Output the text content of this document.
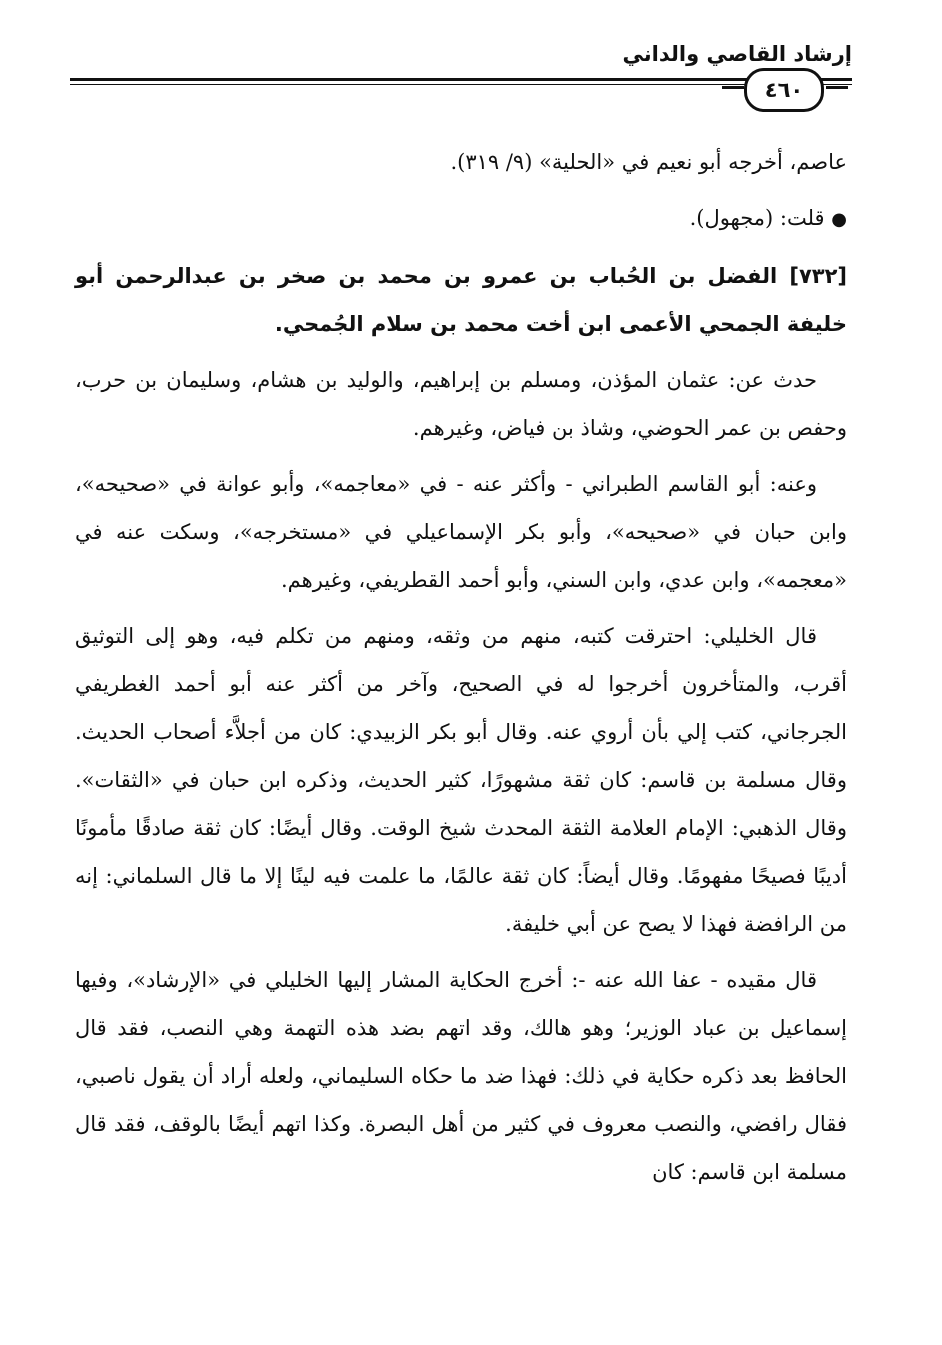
إرشاد القاصي والداني
٤٦٠

عاصم، أخرجه أبو نعيم في «الحلية» (٩/ ٣١٩).

● قلت: (مجهول).

[٧٣٢] الفضل بن الحُباب بن عمرو بن محمد بن صخر بن عبدالرحمن أبو خليفة الجمحي الأعمى ابن أخت محمد بن سلام الجُمحي.

حدث عن: عثمان المؤذن، ومسلم بن إبراهيم، والوليد بن هشام، وسليمان بن حرب، وحفص بن عمر الحوضي، وشاذ بن فياض، وغيرهم.

وعنه: أبو القاسم الطبراني - وأكثر عنه - في «معاجمه»، وأبو عوانة في «صحيحه»، وابن حبان في «صحيحه»، وأبو بكر الإسماعيلي في «مستخرجه»، وسكت عنه في «معجمه»، وابن عدي، وابن السني، وأبو أحمد القطريفي، وغيرهم.

قال الخليلي: احترقت كتبه، منهم من وثقه، ومنهم من تكلم فيه، وهو إلى التوثيق أقرب، والمتأخرون أخرجوا له في الصحيح، وآخر من أكثر عنه أبو أحمد الغطريفي الجرجاني، كتب إلي بأن أروي عنه. وقال أبو بكر الزبيدي: كان من أجلاَّء أصحاب الحديث. وقال مسلمة بن قاسم: كان ثقة مشهورًا، كثير الحديث، وذكره ابن حبان في «الثقات». وقال الذهبي: الإمام العلامة الثقة المحدث شيخ الوقت. وقال أيضًا: كان ثقة صادقًا مأمونًا أديبًا فصيحًا مفهومًا. وقال أيضاً: كان ثقة عالمًا، ما علمت فيه لينًا إلا ما قال السلماني: إنه من الرافضة فهذا لا يصح عن أبي خليفة.

قال مقيده - عفا الله عنه -: أخرج الحكاية المشار إليها الخليلي في «الإرشاد»، وفيها إسماعيل بن عباد الوزير؛ وهو هالك، وقد اتهم بضد هذه التهمة وهي النصب، فقد قال الحافظ بعد ذكره حكاية في ذلك: فهذا ضد ما حكاه السليماني، ولعله أراد أن يقول ناصبي، فقال رافضي، والنصب معروف في كثير من أهل البصرة. وكذا اتهم أيضًا بالوقف، فقد قال مسلمة ابن قاسم: كان
